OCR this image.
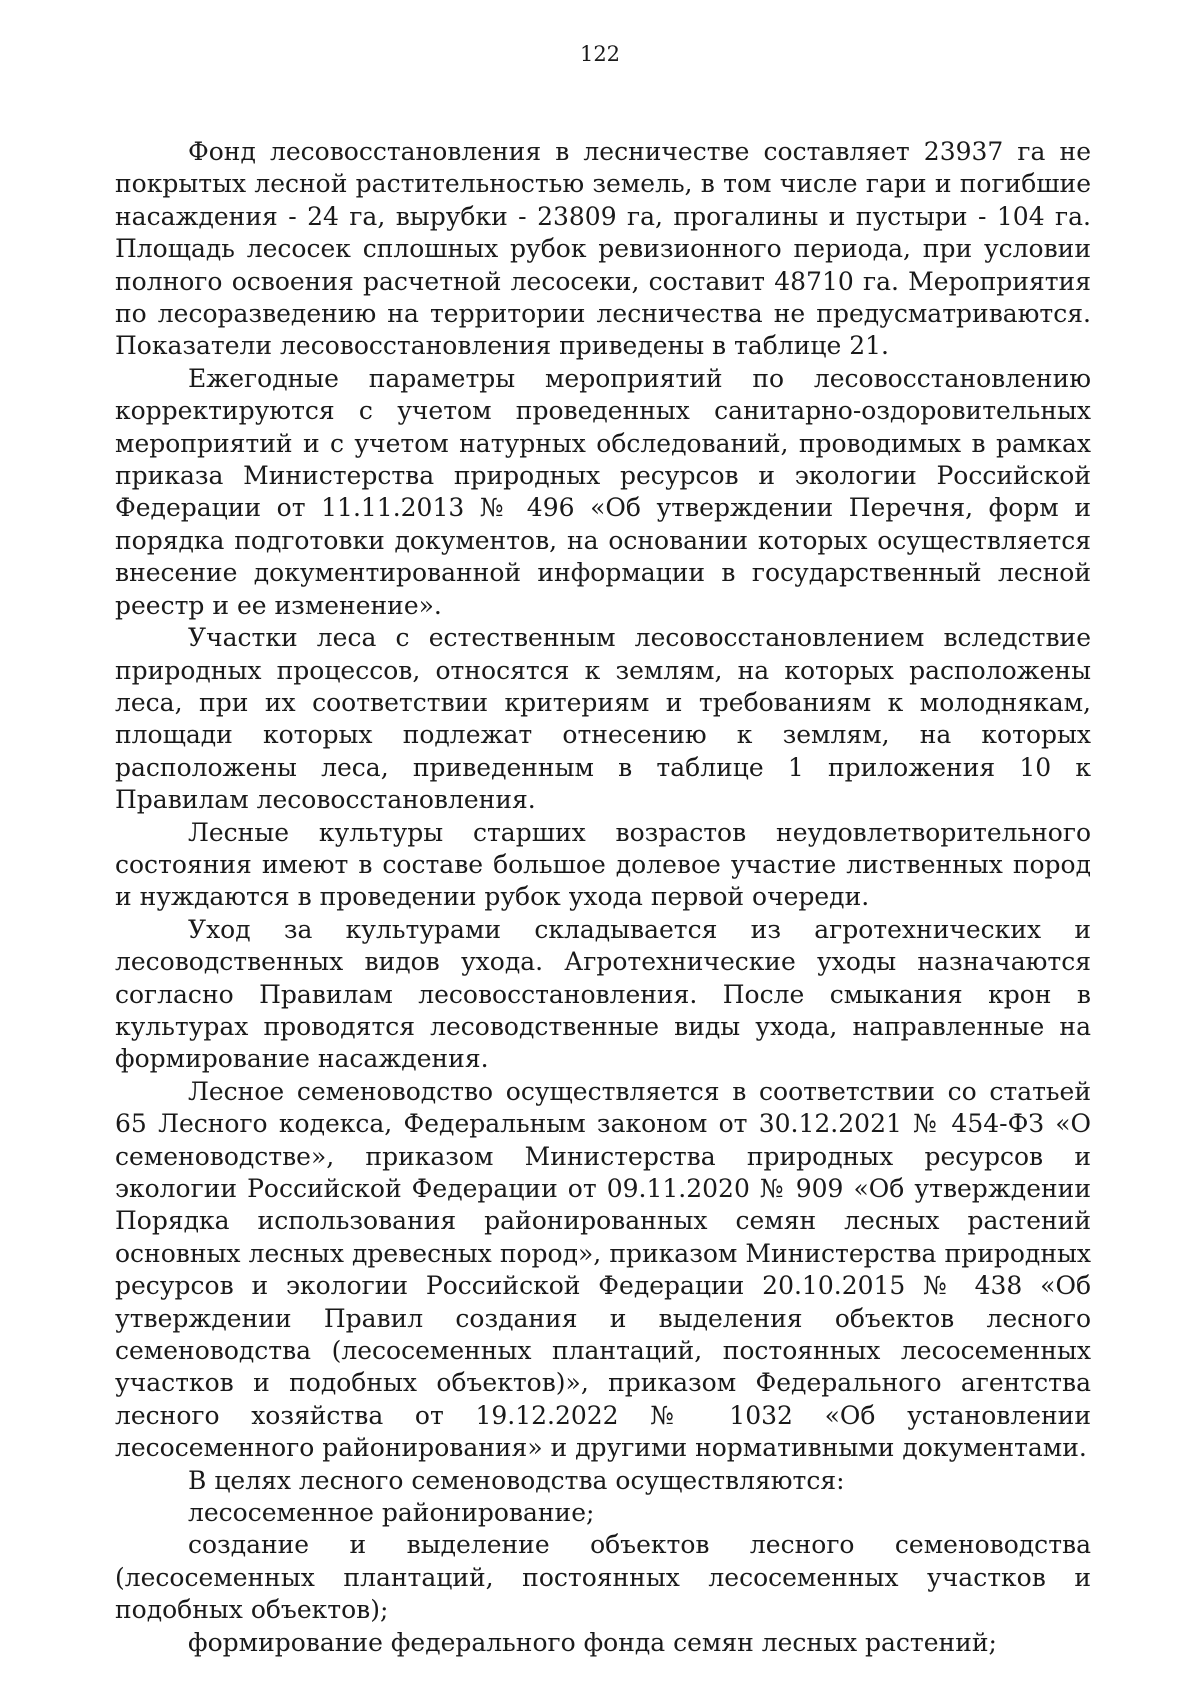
122

Фонд лесовосстановления в лесничестве составляет 23937 га не покрытых лесной растительностью земель, в том числе гари и погибшие насаждения - 24 га, вырубки - 23809 га, прогалины и пустыри - 104 га. Площадь лесосек сплошных рубок ревизионного периода, при условии полного освоения расчетной лесосеки, составит 48710 га. Мероприятия по лесоразведению на территории лесничества не предусматриваются. Показатели лесовосстановления приведены в таблице 21.

Ежегодные параметры мероприятий по лесовосстановлению корректируются с учетом проведенных санитарно-оздоровительных мероприятий и с учетом натурных обследований, проводимых в рамках приказа Министерства природных ресурсов и экологии Российской Федерации от 11.11.2013 № 496 «Об утверждении Перечня, форм и порядка подготовки документов, на основании которых осуществляется внесение документированной информации в государственный лесной реестр и ее изменение».

Участки леса с естественным лесовосстановлением вследствие природных процессов, относятся к землям, на которых расположены леса, при их соответствии критериям и требованиям к молоднякам, площади которых подлежат отнесению к землям, на которых расположены леса, приведенным в таблице 1 приложения 10 к Правилам лесовосстановления.

Лесные культуры старших возрастов неудовлетворительного состояния имеют в составе большое долевое участие лиственных пород и нуждаются в проведении рубок ухода первой очереди.

Уход за культурами складывается из агротехнических и лесоводственных видов ухода. Агротехнические уходы назначаются согласно Правилам лесовосстановления. После смыкания крон в культурах проводятся лесоводственные виды ухода, направленные на формирование насаждения.

Лесное семеноводство осуществляется в соответствии со статьей 65 Лесного кодекса, Федеральным законом от 30.12.2021 № 454-ФЗ «О семеноводстве», приказом Министерства природных ресурсов и экологии Российской Федерации от 09.11.2020 № 909 «Об утверждении Порядка использования районированных семян лесных растений основных лесных древесных пород», приказом Министерства природных ресурсов и экологии Российской Федерации 20.10.2015 № 438 «Об утверждении Правил создания и выделения объектов лесного семеноводства (лесосеменных плантаций, постоянных лесосеменных участков и подобных объектов)», приказом Федерального агентства лесного хозяйства от 19.12.2022 № 1032 «Об установлении лесосеменного районирования» и другими нормативными документами.

В целях лесного семеноводства осуществляются:

лесосеменное районирование;

создание и выделение объектов лесного семеноводства (лесосеменных плантаций, постоянных лесосеменных участков и подобных объектов);

формирование федерального фонда семян лесных растений;
